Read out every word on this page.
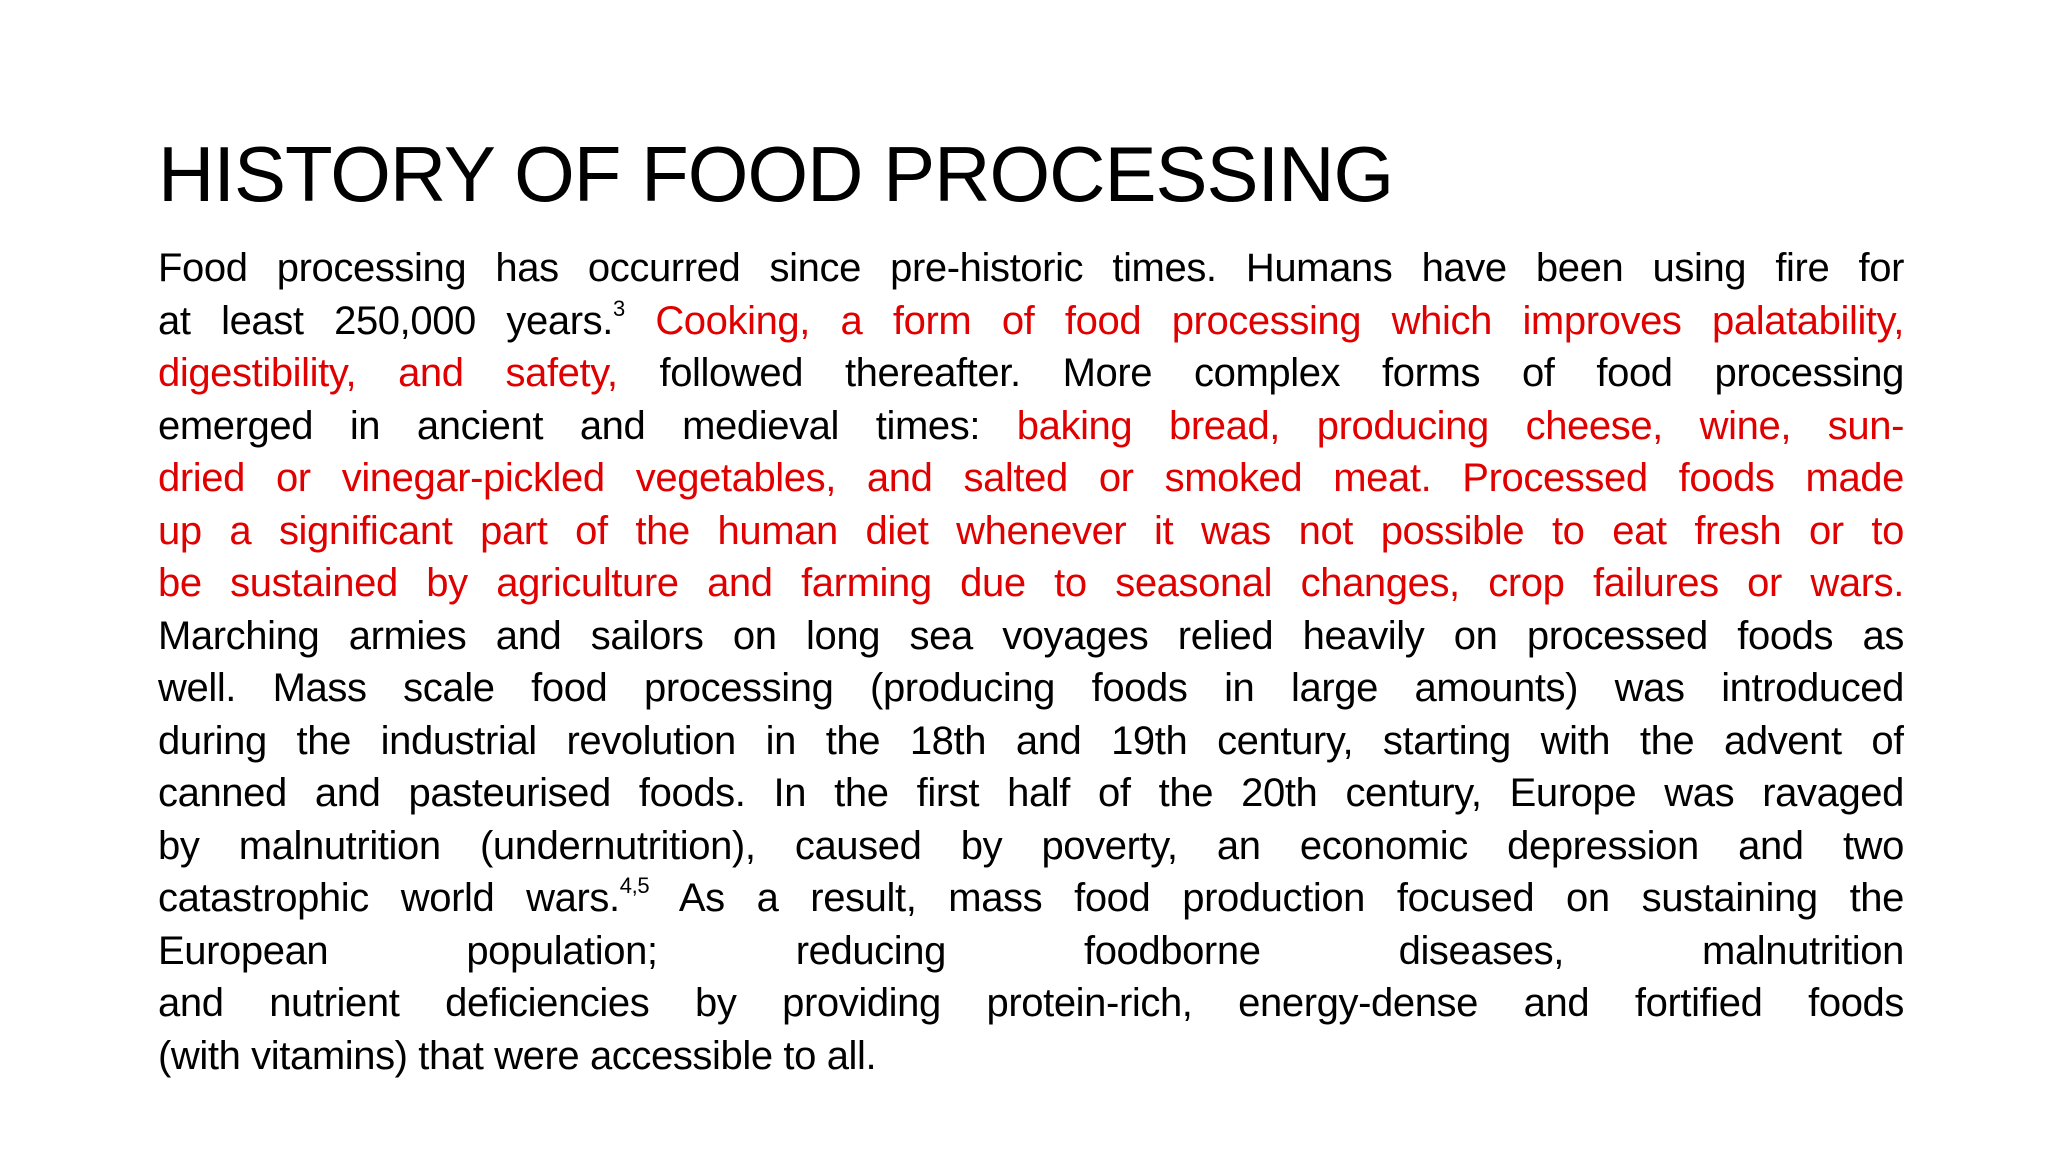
HISTORY OF FOOD PROCESSING
Food processing has occurred since pre-historic times. Humans have been using fire for
at least 250,000 years.$^3$ Cooking, a form of food processing which improves palatability,
digestibility, and safety, followed thereafter. More complex forms of food processing
emerged in ancient and medieval times: baking bread, producing cheese, wine, sun-
dried or vinegar-pickled vegetables, and salted or smoked meat. Processed foods made
up a significant part of the human diet whenever it was not possible to eat fresh or to
be sustained by agriculture and farming due to seasonal changes, crop failures or wars.
Marching armies and sailors on long sea voyages relied heavily on processed foods as
well. Mass scale food processing (producing foods in large amounts) was introduced
during the industrial revolution in the 18th and 19th century, starting with the advent of
canned and pasteurised foods. In the first half of the 20th century, Europe was ravaged
by malnutrition (undernutrition), caused by poverty, an economic depression and two
catastrophic world wars.$^{4,5}$ As a result, mass food production focused on sustaining the
European population; reducing foodborne diseases, malnutrition
and nutrient deficiencies by providing protein-rich, energy-dense and fortified foods
(with vitamins) that were accessible to all.
